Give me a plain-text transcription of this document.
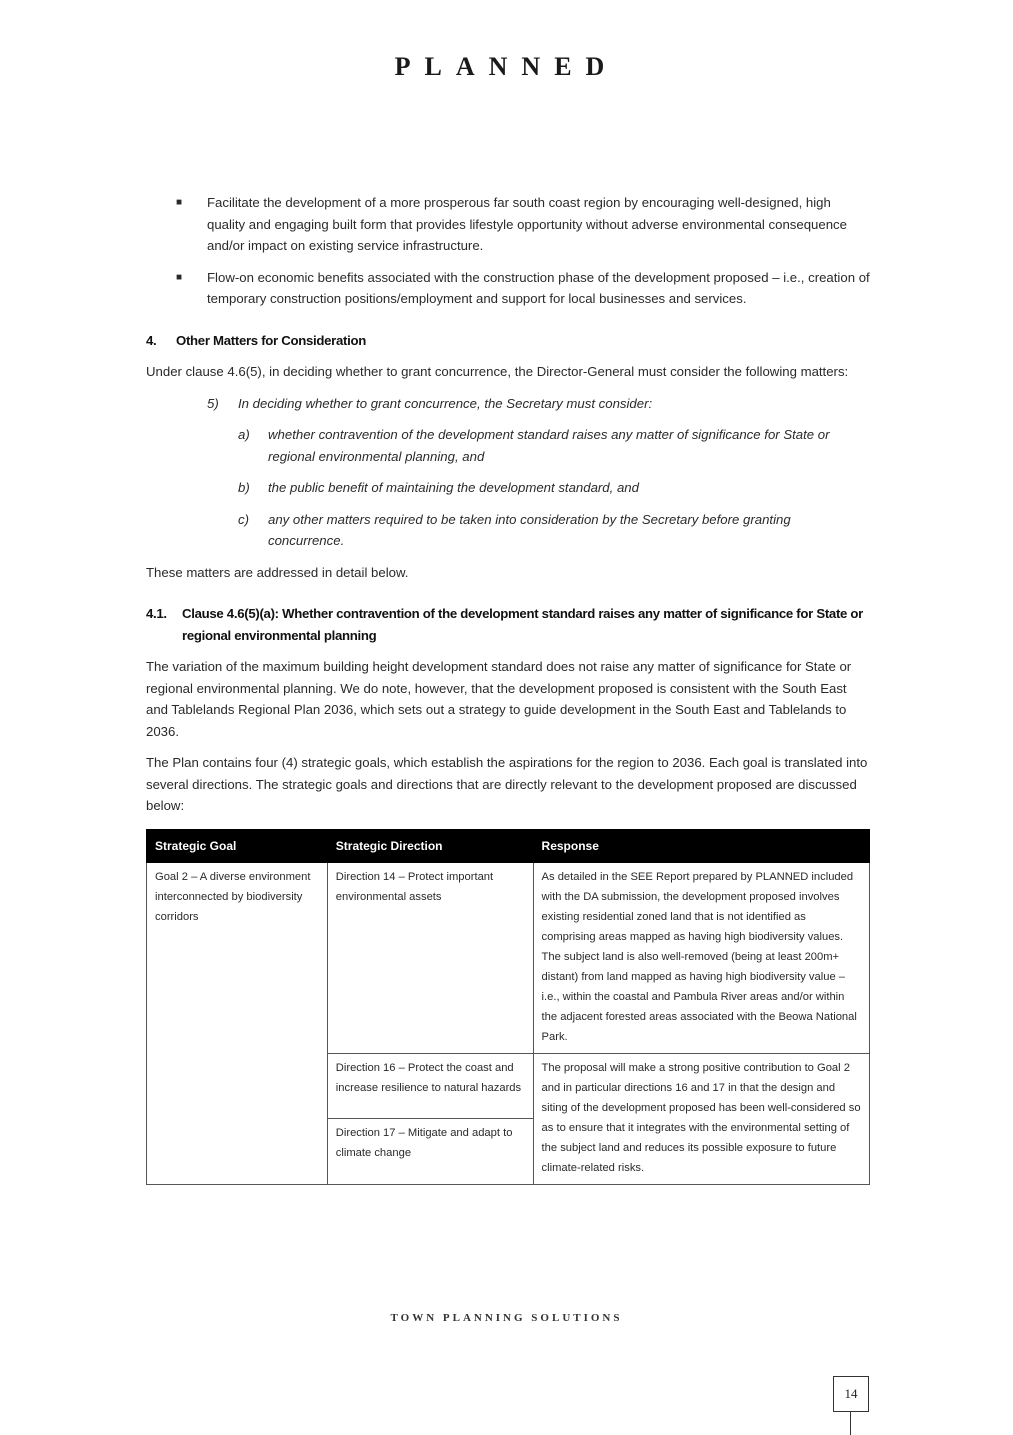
PLANNED
■ Facilitate the development of a more prosperous far south coast region by encouraging well-designed, high quality and engaging built form that provides lifestyle opportunity without adverse environmental consequence and/or impact on existing service infrastructure.
■ Flow-on economic benefits associated with the construction phase of the development proposed – i.e., creation of temporary construction positions/employment and support for local businesses and services.
4. Other Matters for Consideration

Under clause 4.6(5), in deciding whether to grant concurrence, the Director-General must consider the following matters:

5) In deciding whether to grant concurrence, the Secretary must consider:
a) whether contravention of the development standard raises any matter of significance for State or regional environmental planning, and
b) the public benefit of maintaining the development standard, and
c) any other matters required to be taken into consideration by the Secretary before granting concurrence.

These matters are addressed in detail below.

4.1.	Clause 4.6(5)(a): Whether contravention of the development standard raises any matter of significance for State or regional environmental planning

The variation of the maximum building height development standard does not raise any matter of significance for State or regional environmental planning. We do note, however, that the development proposed is consistent with the South East and Tablelands Regional Plan 2036, which sets out a strategy to guide development in the South East and Tablelands to 2036.

The Plan contains four (4) strategic goals, which establish the aspirations for the region to 2036. Each goal is translated into several directions. The strategic goals and directions that are directly relevant to the development proposed are discussed below:

Strategic Goal	Strategic Direction	Response
Goal 2 – A diverse environment interconnected by biodiversity corridors	Direction 14 – Protect important environmental assets	As detailed in the SEE Report prepared by PLANNED included with the DA submission, the development proposed involves existing residential zoned land that is not identified as comprising areas mapped as having high biodiversity values. The subject land is also well-removed (being at least 200m+ distant) from land mapped as having high biodiversity value – i.e., within the coastal and Pambula River areas and/or within the adjacent forested areas associated with the Beowa National Park.
	Direction 16 – Protect the coast and increase resilience to natural hazards	The proposal will make a strong positive contribution to Goal 2 and in particular directions 16 and 17 in that the design and siting of the development proposed has been well-considered so as to ensure that it integrates with the environmental setting of the subject land and reduces its possible exposure to future climate-related risks.
	Direction 17 – Mitigate and adapt to climate change	
TOWN PLANNING SOLUTIONS
14
